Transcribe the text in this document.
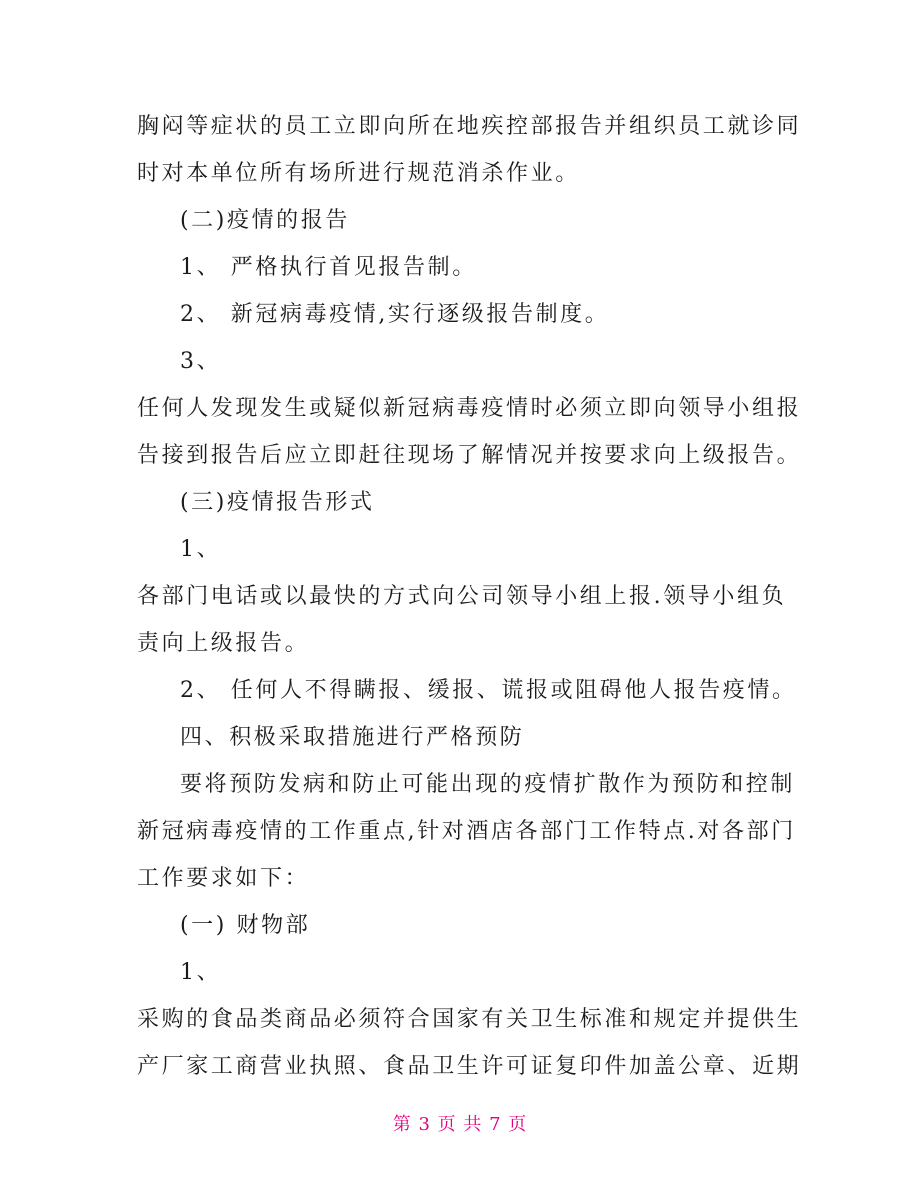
胸闷等症状的员工立即向所在地疾控部报告并组织员工就诊同
时对本单位所有场所进行规范消杀作业。
(二)疫情的报告
1、 严格执行首见报告制。
2、 新冠病毒疫情,实行逐级报告制度。
3、
任何人发现发生或疑似新冠病毒疫情时必须立即向领导小组报
告接到报告后应立即赶往现场了解情况并按要求向上级报告。
(三)疫情报告形式
1、
各部门电话或以最快的方式向公司领导小组上报.领导小组负
责向上级报告。
2、 任何人不得瞒报、缓报、谎报或阻碍他人报告疫情。
四、积极采取措施进行严格预防
要将预防发病和防止可能出现的疫情扩散作为预防和控制
新冠病毒疫情的工作重点,针对酒店各部门工作特点.对各部门
工作要求如下：
(一) 财物部
1、
采购的食品类商品必须符合国家有关卫生标准和规定并提供生
产厂家工商营业执照、食品卫生许可证复印件加盖公章、近期
第 3 页 共 7 页
